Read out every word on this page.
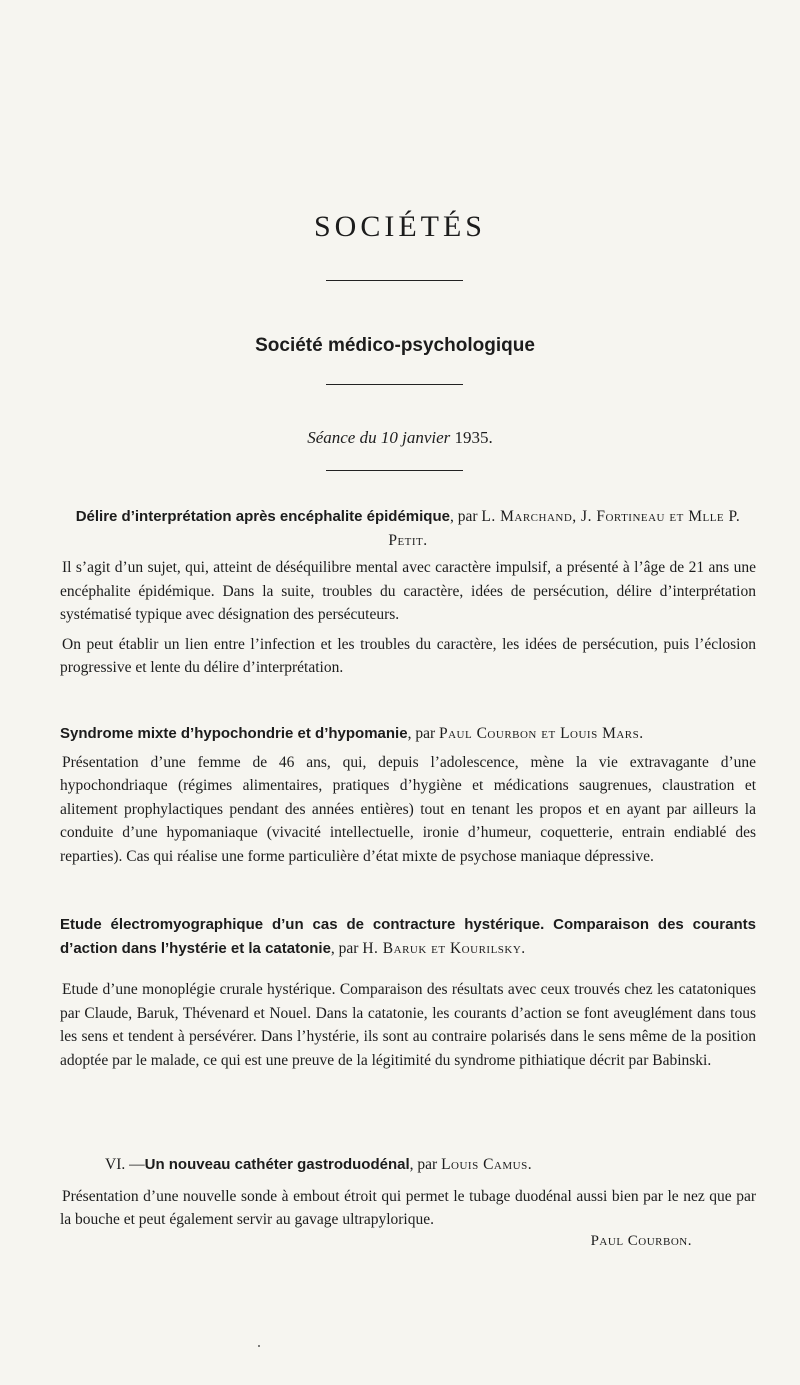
SOCIÉTÉS
Société médico-psychologique
Séance du 10 janvier 1935.
Délire d’interprétation après encéphalite épidémique, par L. Marchand, J. Fortineau et Mlle P. Petit.
Il s’agit d’un sujet, qui, atteint de déséquilibre mental avec caractère impulsif, a présenté à l’âge de 21 ans une encéphalite épidémique. Dans la suite, troubles du caractère, idées de persécution, délire d’interprétation systématisé typique avec désignation des persécuteurs.
On peut établir un lien entre l’infection et les troubles du caractère, les idées de persécution, puis l’éclosion progressive et lente du délire d’interprétation.
Syndrome mixte d’hypochondrie et d’hypomanie, par Paul Courbon et Louis Mars.
Présentation d’une femme de 46 ans, qui, depuis l’adolescence, mène la vie extravagante d’une hypochondriaque (régimes alimentaires, pratiques d’hygiène et médications saugrenues, claustration et alitement prophylactiques pendant des années entières) tout en tenant les propos et en ayant par ailleurs la conduite d’une hypomaniaque (vivacité intellectuelle, ironie d’humeur, coquetterie, entrain endiablé des reparties). Cas qui réalise une forme particulière d’état mixte de psychose maniaque dépressive.
Etude électromyographique d’un cas de contracture hystérique. Comparaison des courants d’action dans l’hystérie et la catatonie, par H. Baruk et Kourilsky.
Etude d’une monoplégie crurale hystérique. Comparaison des résultats avec ceux trouvés chez les catatoniques par Claude, Baruk, Thévenard et Nouel. Dans la catatonie, les courants d’action se font aveuglément dans tous les sens et tendent à persévérer. Dans l’hystérie, ils sont au contraire polarisés dans le sens même de la position adoptée par le malade, ce qui est une preuve de la légitimité du syndrome pithiatique décrit par Babinski.
VI. —Un nouveau cathéter gastroduodénal, par Louis Camus.
Présentation d’une nouvelle sonde à embout étroit qui permet le tubage duodénal aussi bien par le nez que par la bouche et peut également servir au gavage ultrapylorique.
Paul Courbon.
